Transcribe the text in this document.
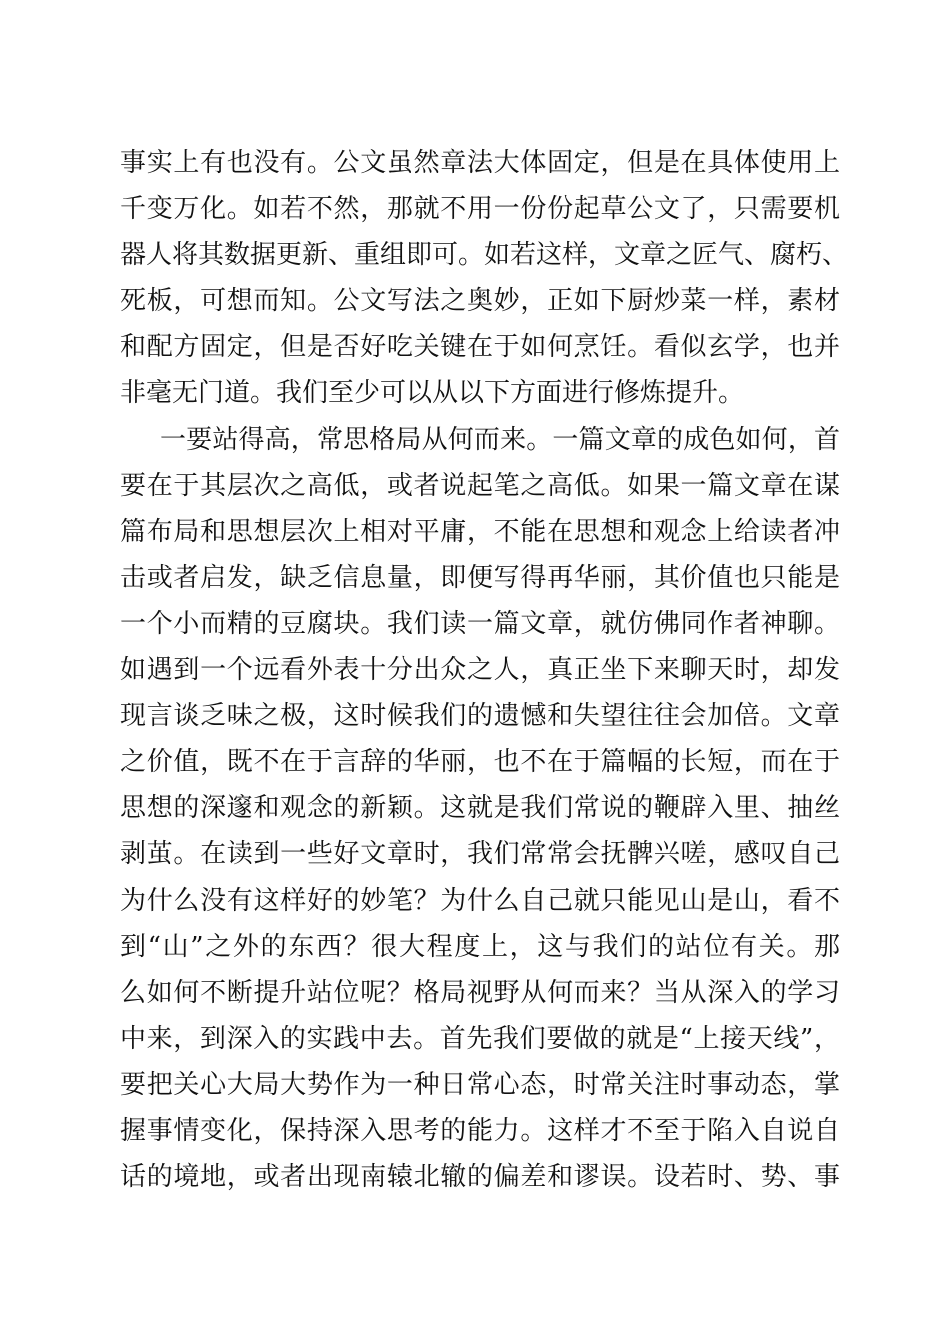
事实上有也没有。公文虽然章法大体固定，但是在具体使用上
千变万化。如若不然，那就不用一份份起草公文了，只需要机
器人将其数据更新、重组即可。如若这样，文章之匠气、腐朽、
死板，可想而知。公文写法之奥妙，正如下厨炒菜一样，素材
和配方固定，但是否好吃关键在于如何烹饪。看似玄学，也并
非毫无门道。我们至少可以从以下方面进行修炼提升。
一要站得高，常思格局从何而来。一篇文章的成色如何，首
要在于其层次之高低，或者说起笔之高低。如果一篇文章在谋
篇布局和思想层次上相对平庸，不能在思想和观念上给读者冲
击或者启发，缺乏信息量，即便写得再华丽，其价值也只能是
一个小而精的豆腐块。我们读一篇文章，就仿佛同作者神聊。
如遇到一个远看外表十分出众之人，真正坐下来聊天时，却发
现言谈乏味之极，这时候我们的遗憾和失望往往会加倍。文章
之价值，既不在于言辞的华丽，也不在于篇幅的长短，而在于
思想的深邃和观念的新颖。这就是我们常说的鞭辟入里、抽丝
剥茧。在读到一些好文章时，我们常常会抚髀兴嗟，感叹自己
为什么没有这样好的妙笔？为什么自己就只能见山是山，看不
到“山”之外的东西？很大程度上，这与我们的站位有关。那
么如何不断提升站位呢？格局视野从何而来？当从深入的学习
中来，到深入的实践中去。首先我们要做的就是“上接天线”，
要把关心大局大势作为一种日常心态，时常关注时事动态，掌
握事情变化，保持深入思考的能力。这样才不至于陷入自说自
话的境地，或者出现南辕北辙的偏差和谬误。设若时、势、事
